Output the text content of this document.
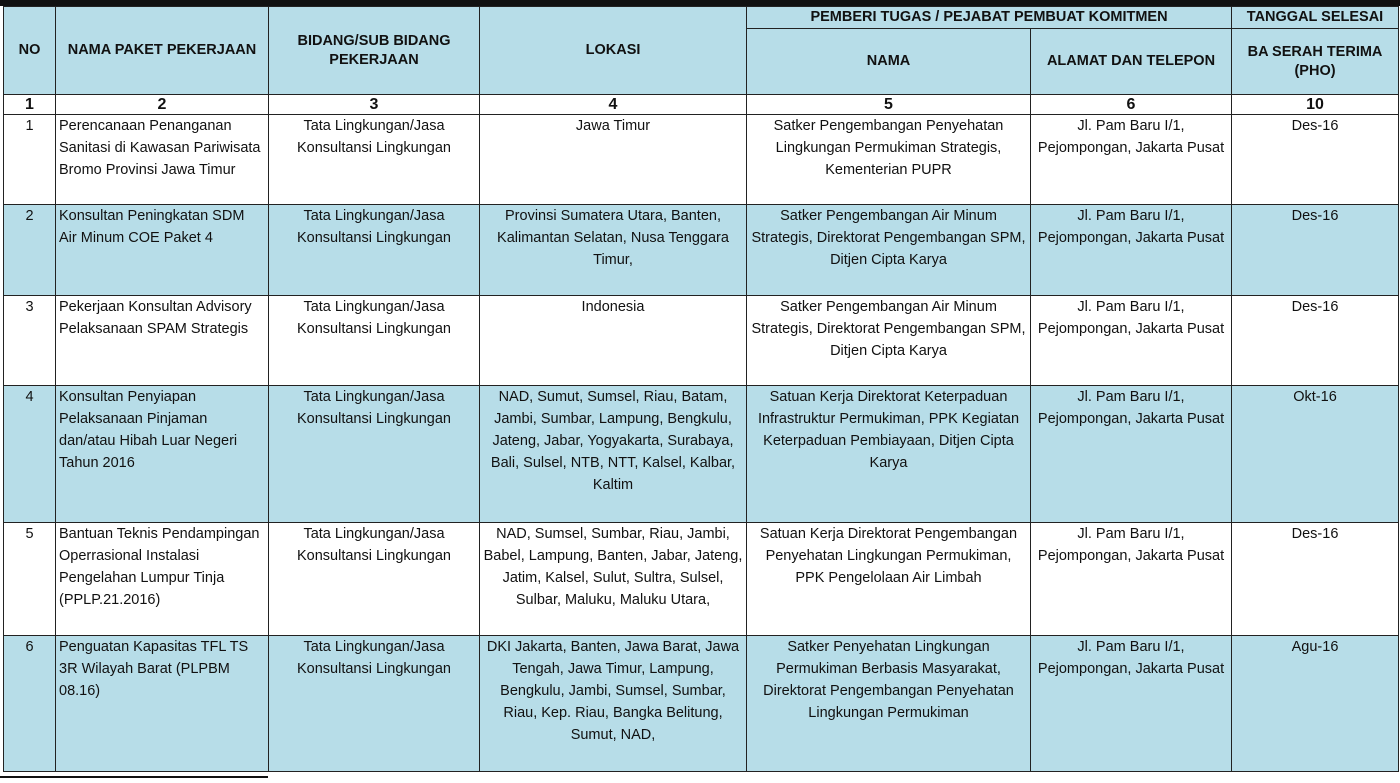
NO	NAMA PAKET PEKERJAAN	BIDANG/SUB BIDANG PEKERJAAN	LOKASI	PEMBERI TUGAS / PEJABAT PEMBUAT KOMITMEN		TANGGAL SELESAI
				NAMA	ALAMAT DAN TELEPON	BA SERAH TERIMA (PHO)
1	2	3	4	5	6	10
1	Perencanaan Penanganan Sanitasi di Kawasan Pariwisata Bromo Provinsi Jawa Timur	Tata Lingkungan/Jasa Konsultansi Lingkungan	Jawa Timur	Satker Pengembangan Penyehatan Lingkungan Permukiman Strategis, Kementerian PUPR	Jl. Pam Baru I/1, Pejompongan, Jakarta Pusat	Des-16
2	Konsultan Peningkatan SDM Air Minum COE Paket 4	Tata Lingkungan/Jasa Konsultansi Lingkungan	Provinsi Sumatera Utara, Banten, Kalimantan Selatan, Nusa Tenggara Timur,	Satker Pengembangan Air Minum Strategis, Direktorat Pengembangan SPM, Ditjen Cipta Karya	Jl. Pam Baru I/1, Pejompongan, Jakarta Pusat	Des-16
3	Pekerjaan Konsultan Advisory Pelaksanaan SPAM Strategis	Tata Lingkungan/Jasa Konsultansi Lingkungan	Indonesia	Satker Pengembangan Air Minum Strategis, Direktorat Pengembangan SPM, Ditjen Cipta Karya	Jl. Pam Baru I/1, Pejompongan, Jakarta Pusat	Des-16
4	Konsultan Penyiapan Pelaksanaan Pinjaman dan/atau Hibah Luar Negeri Tahun 2016	Tata Lingkungan/Jasa Konsultansi Lingkungan	NAD, Sumut, Sumsel, Riau, Batam, Jambi, Sumbar, Lampung, Bengkulu, Jateng, Jabar, Yogyakarta, Surabaya, Bali, Sulsel, NTB, NTT, Kalsel, Kalbar, Kaltim	Satuan Kerja Direktorat Keterpaduan Infrastruktur Permukiman, PPK Kegiatan Keterpaduan Pembiayaan, Ditjen Cipta Karya	Jl. Pam Baru I/1, Pejompongan, Jakarta Pusat	Okt-16
5	Bantuan Teknis Pendampingan Operrasional Instalasi Pengelahan Lumpur Tinja (PPLP.21.2016)	Tata Lingkungan/Jasa Konsultansi Lingkungan	NAD, Sumsel, Sumbar, Riau, Jambi, Babel, Lampung, Banten, Jabar, Jateng, Jatim, Kalsel, Sulut, Sultra, Sulsel, Sulbar, Maluku, Maluku Utara,	Satuan Kerja Direktorat Pengembangan Penyehatan Lingkungan Permukiman, PPK Pengelolaan Air Limbah	Jl. Pam Baru I/1, Pejompongan, Jakarta Pusat	Des-16
6	Penguatan Kapasitas TFL TS 3R Wilayah Barat (PLPBM 08.16)	Tata Lingkungan/Jasa Konsultansi Lingkungan	DKI Jakarta, Banten, Jawa Barat, Jawa Tengah, Jawa Timur, Lampung, Bengkulu, Jambi, Sumsel, Sumbar, Riau, Kep. Riau, Bangka Belitung, Sumut, NAD,	Satker Penyehatan Lingkungan Permukiman Berbasis Masyarakat, Direktorat Pengembangan Penyehatan Lingkungan Permukiman	Jl. Pam Baru I/1, Pejompongan, Jakarta Pusat	Agu-16
